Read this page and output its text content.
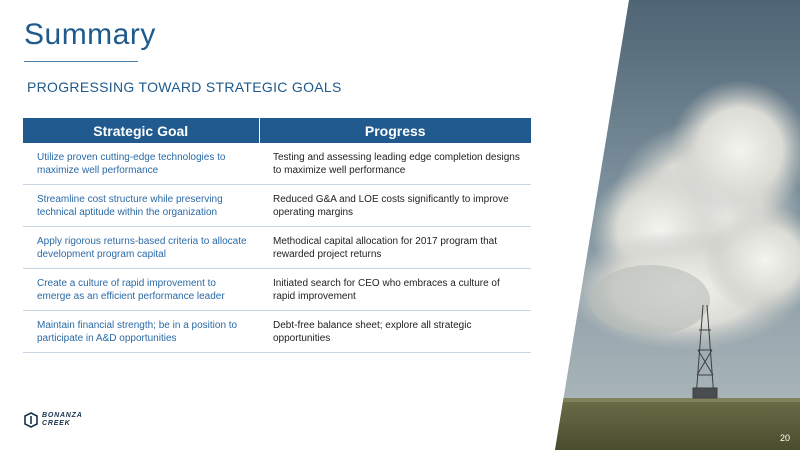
Summary
PROGRESSING TOWARD STRATEGIC GOALS
Strategic Goal	Progress
Utilize proven cutting-edge technologies to maximize well performance	Testing and assessing leading edge completion designs to maximize well performance
Streamline cost structure while preserving technical aptitude within the organization	Reduced G&A and LOE costs significantly to improve operating margins
Apply rigorous returns-based criteria to allocate development program capital	Methodical capital allocation for 2017 program that rewarded project returns
Create a culture of rapid improvement to emerge as an efficient performance leader	Initiated search for CEO who embraces a culture of rapid improvement
Maintain financial strength; be in a position to participate in A&D opportunities	Debt-free balance sheet; explore all strategic opportunities
BONANZA
CREEK
20
